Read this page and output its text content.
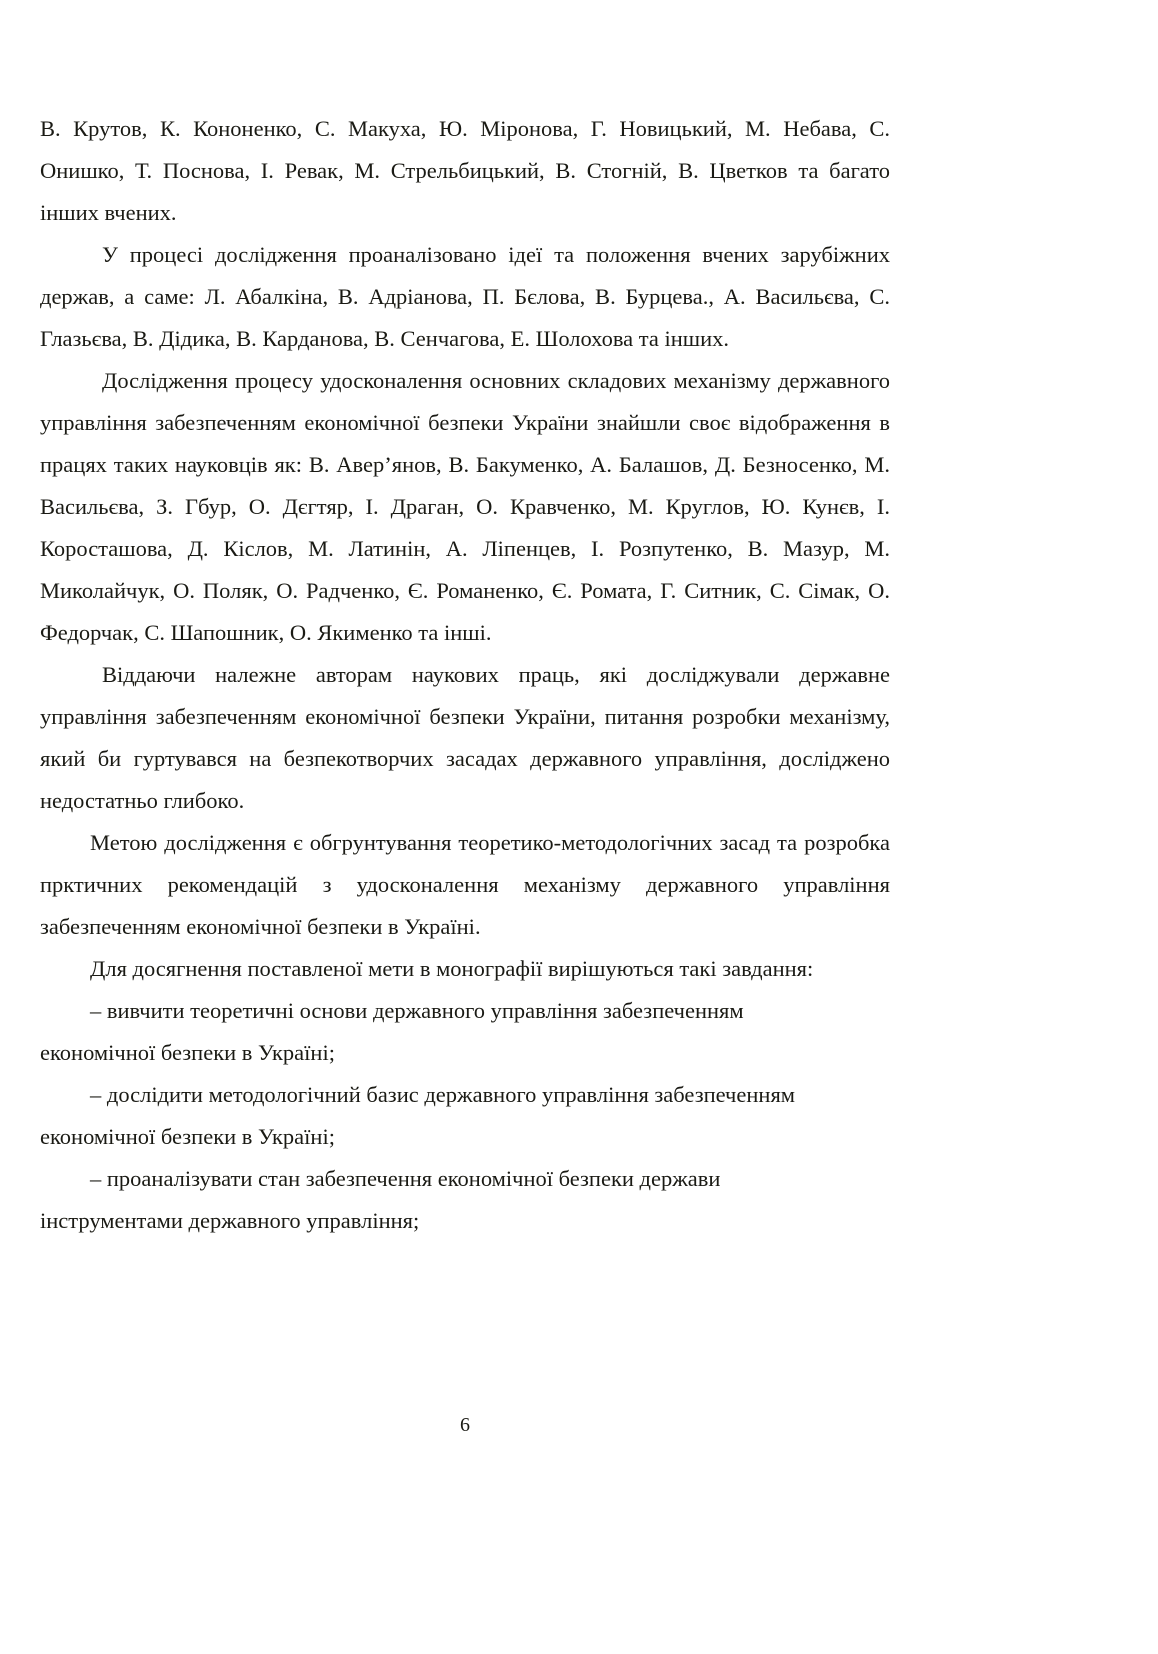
В. Крутов, К. Кононенко, С. Макуха, Ю. Міронова, Г. Новицький, М. Небава, С. Онишко, Т. Поснова, І. Ревак, М. Стрельбицький, В. Стогній, В. Цветков та багато інших вчених.

У процесі дослідження проаналізовано ідеї та положення вчених зарубіжних держав, а саме: Л. Абалкіна, В. Адріанова, П. Бєлова, В. Бурцева., А. Васильєва, С. Глазьєва, В. Дідика, В. Карданова, В. Сенчагова, Е. Шолохова та інших.

Дослідження процесу удосконалення основних складових механізму державного управління забезпеченням економічної безпеки України знайшли своє відображення в працях таких науковців як: В. Авер’янов, В. Бакуменко, А. Балашов, Д. Безносенко, М. Васильєва, З. Гбур, О. Дєгтяр, І. Драган, О. Кравченко, М. Круглов, Ю. Кунєв, І. Коросташова, Д. Кіслов, М. Латинін, А. Ліпенцев, І. Розпутенко, В. Мазур, М. Миколайчук, О. Поляк, О. Радченко, Є. Романенко, Є. Ромата, Г. Ситник, С. Сімак, О. Федорчак, С. Шапошник, О. Якименко та інші.

Віддаючи належне авторам наукових праць, які досліджували державне управління забезпеченням економічної безпеки України, питання розробки механізму, який би гуртувався на безпекотворчих засадах державного управління, досліджено недостатньо глибоко.

Метою дослідження є обгрунтування теоретико-методологічних засад та розробка прктичних рекомендацій з удосконалення механізму державного управління забезпеченням економічної безпеки в Україні.

Для досягнення поставленої мети в монографії вирішуються такі завдання:

– вивчити теоретичні основи державного управління забезпеченням

економічної безпеки в Україні;

– дослідити методологічний базис державного управління забезпеченням

економічної безпеки в Україні;

– проаналізувати стан забезпечення економічної безпеки держави

інструментами державного управління;

6
